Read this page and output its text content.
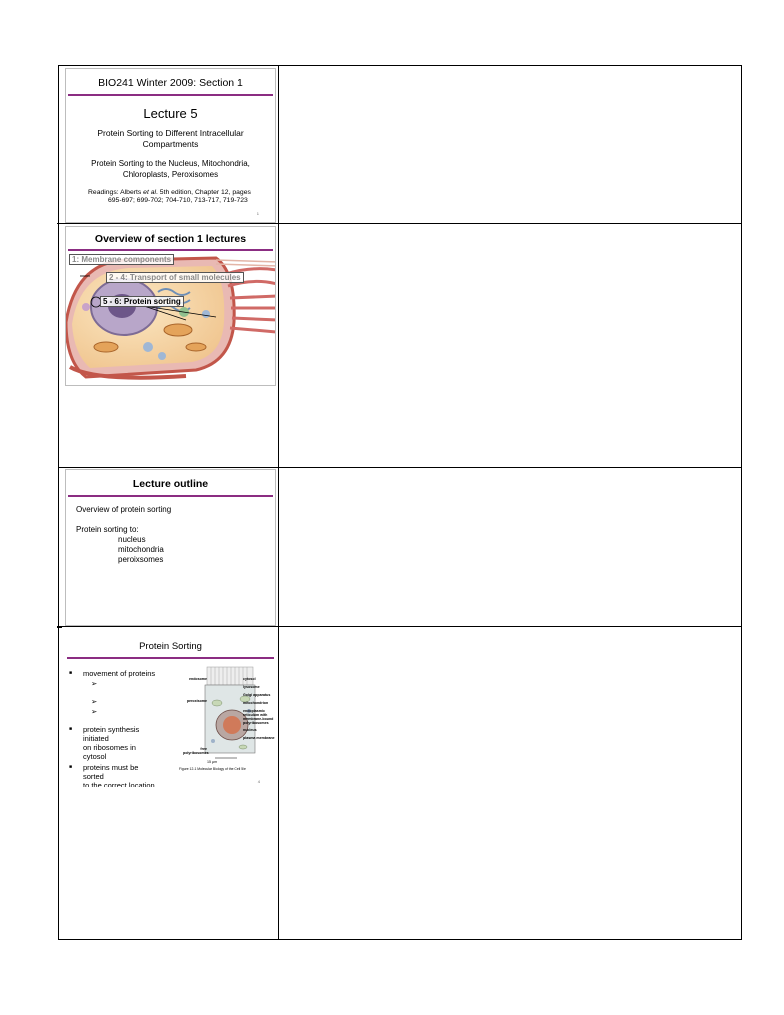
BIO241 Winter 2009: Section 1
Lecture 5
Protein Sorting to Different Intracellular Compartments
Protein Sorting to the Nucleus, Mitochondria, Chloroplasts, Peroxisomes
Readings: Alberts et al. 5th edition, Chapter 12, pages
695-697; 699-702; 704-710, 713-717, 719-723
1
Overview of section 1 lectures
1: Membrane components
2 - 4: Transport of small molecules
5 - 6: Protein sorting
Lecture outline
Overview of protein sorting
Protein sorting to:
nucleus
mitochondria
peroixsomes
Protein Sorting
■ movement of proteins
➢
➢
➢
■ protein synthesis initiated
on ribosomes in cytosol
■ proteins must be sorted
to the correct location
endosome
peroxisome
free polyribosomes
cytosol
lysosome
Golgi apparatus
mitochondrion
endoplasmic reticulum with membrane-bound polyribosomes
nucleus
plasma membrane
15 µm
Figure 12-1 Molecular Biology of the Cell 5/e
4
